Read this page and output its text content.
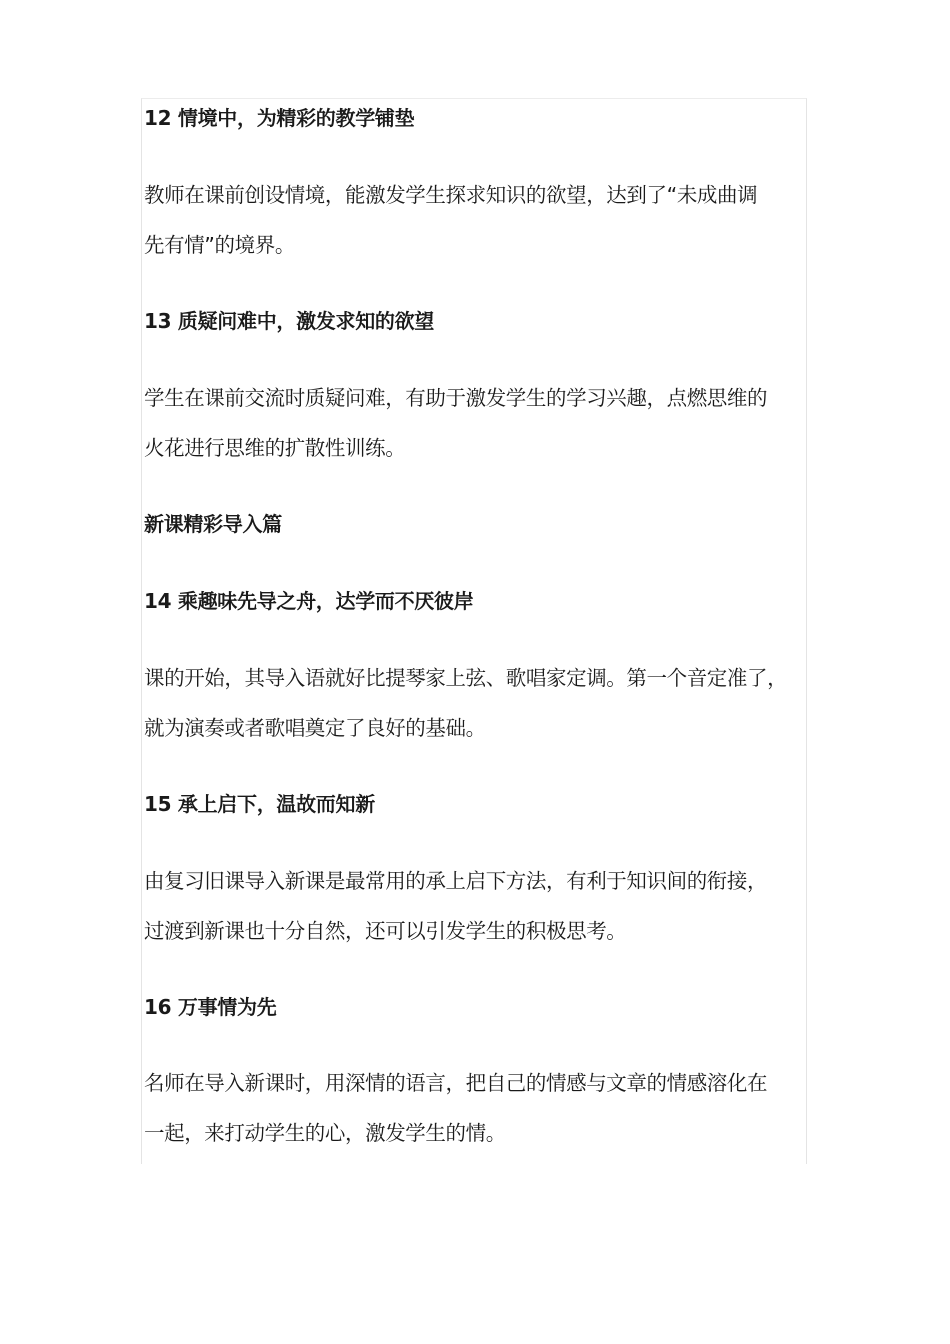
12 情境中，为精彩的教学铺垫

教师在课前创设情境，能激发学生探求知识的欲望，达到了“未成曲调
先有情”的境界。

13 质疑问难中，激发求知的欲望

学生在课前交流时质疑问难，有助于激发学生的学习兴趣，点燃思维的
火花进行思维的扩散性训练。

新课精彩导入篇
14 乘趣味先导之舟，达学而不厌彼岸

课的开始，其导入语就好比提琴家上弦、歌唱家定调。第一个音定准了，
就为演奏或者歌唱奠定了良好的基础。

15 承上启下，温故而知新

由复习旧课导入新课是最常用的承上启下方法，有利于知识间的衔接，
过渡到新课也十分自然，还可以引发学生的积极思考。

16 万事情为先

名师在导入新课时，用深情的语言，把自己的情感与文章的情感溶化在
一起，来打动学生的心，激发学生的情。
